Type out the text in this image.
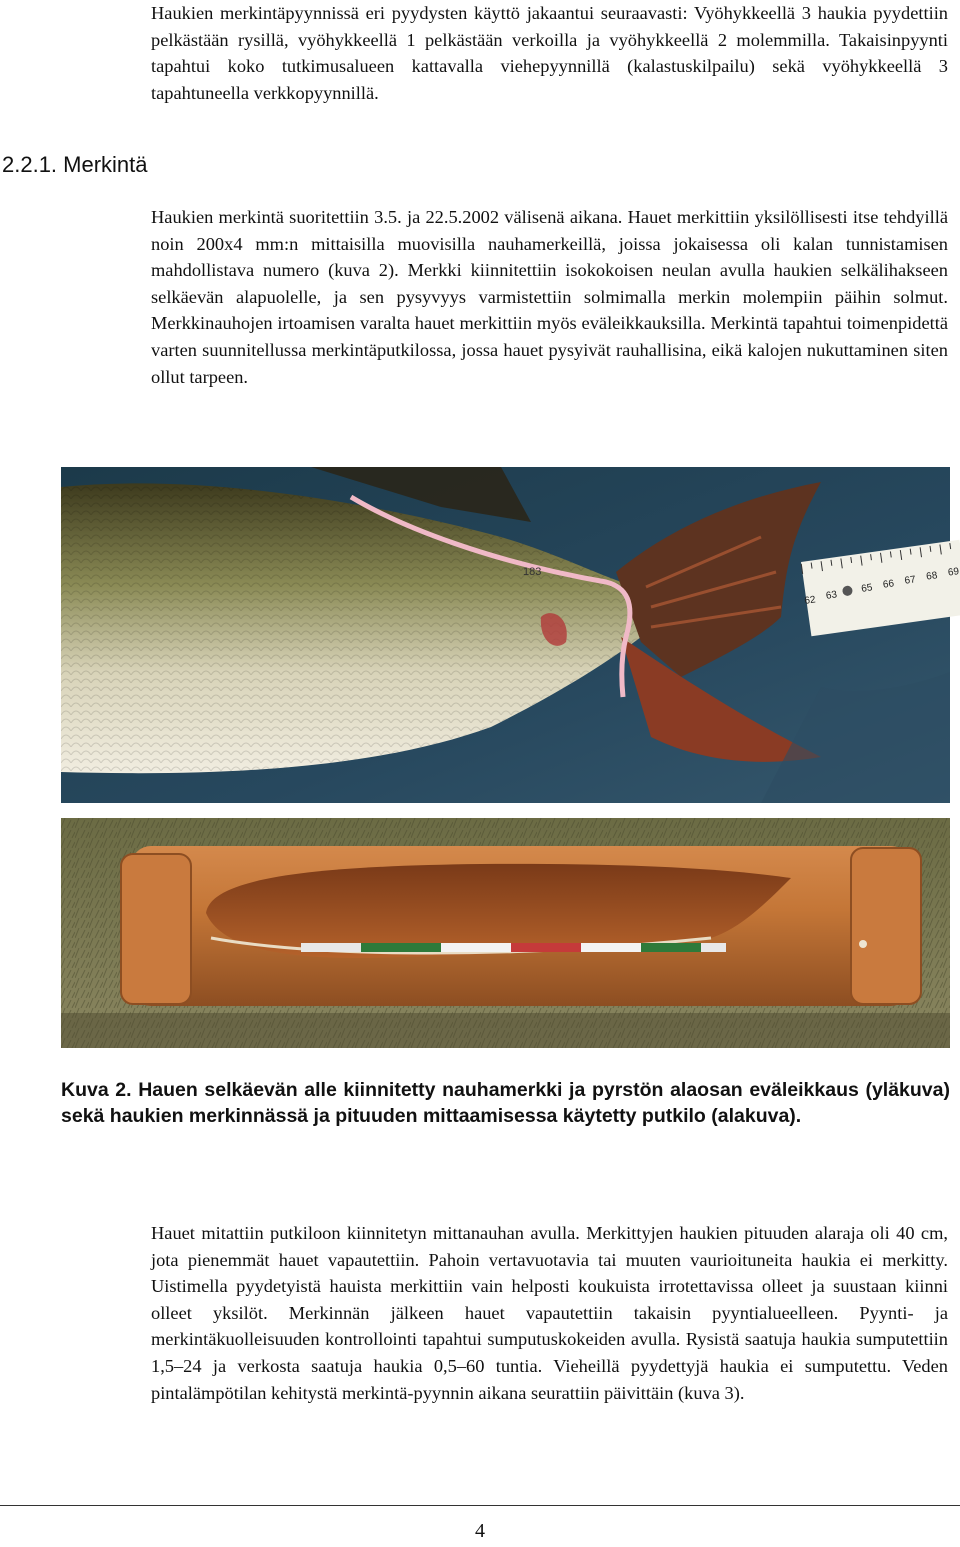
Haukien merkintäpyynnissä eri pyydysten käyttö jakaantui seuraavasti: Vyöhykkeellä 3 haukia pyydettiin pelkästään rysillä, vyöhykkeellä 1 pelkästään verkoilla ja vyöhykkeellä 2 molemmilla. Takaisinpyynti tapahtui koko tutkimusalueen kattavalla viehepyynnillä (kalastuskilpailu) sekä vyöhykkeellä 3 tapahtuneella verkkopyynnillä.

2.2.1. Merkintä

Haukien merkintä suoritettiin 3.5. ja 22.5.2002 välisenä aikana. Hauet merkittiin yksilöllisesti itse tehdyillä noin 200x4 mm:n mittaisilla muovisilla nauhamerkeillä, joissa jokaisessa oli kalan tunnistamisen mahdollistava numero (kuva 2). Merkki kiinnitettiin isokokoisen neulan avulla haukien selkälihakseen selkäevän alapuolelle, ja sen pysyvyys varmistettiin solmimalla merkin molempiin päihin solmut. Merkkinauhojen irtoamisen varalta hauet merkittiin myös eväleikkauksilla. Merkintä tapahtui toimenpidettä varten suunnitellussa merkintäputkilossa, jossa hauet pysyivät rauhallisina, eikä kalojen nukuttaminen siten ollut tarpeen.

183
62 63
65 66 67 68 69

Kuva 2. Hauen selkäevän alle kiinnitetty nauhamerkki ja pyrstön alaosan eväleikkaus (yläkuva) sekä haukien merkinnässä ja pituuden mittaamisessa käytetty putkilo (alakuva).

Hauet mitattiin putkiloon kiinnitetyn mittanauhan avulla. Merkittyjen haukien pituuden alaraja oli 40 cm, jota pienemmät hauet vapautettiin. Pahoin vertavuotavia tai muuten vaurioituneita haukia ei merkitty. Uistimella pyydetyistä hauista merkittiin vain helposti koukuista irrotettavissa olleet ja suustaan kiinni olleet yksilöt. Merkinnän jälkeen hauet vapautettiin takaisin pyyntialueelleen. Pyynti- ja merkintäkuolleisuuden kontrollointi tapahtui sumputuskokeiden avulla. Rysistä saatuja haukia sumputettiin 1,5–24 ja verkosta saatuja haukia 0,5–60 tuntia. Vieheillä pyydettyjä haukia ei sumputettu. Veden pintalämpötilan kehitystä merkintä-pyynnin aikana seurattiin päivittäin (kuva 3).

4
